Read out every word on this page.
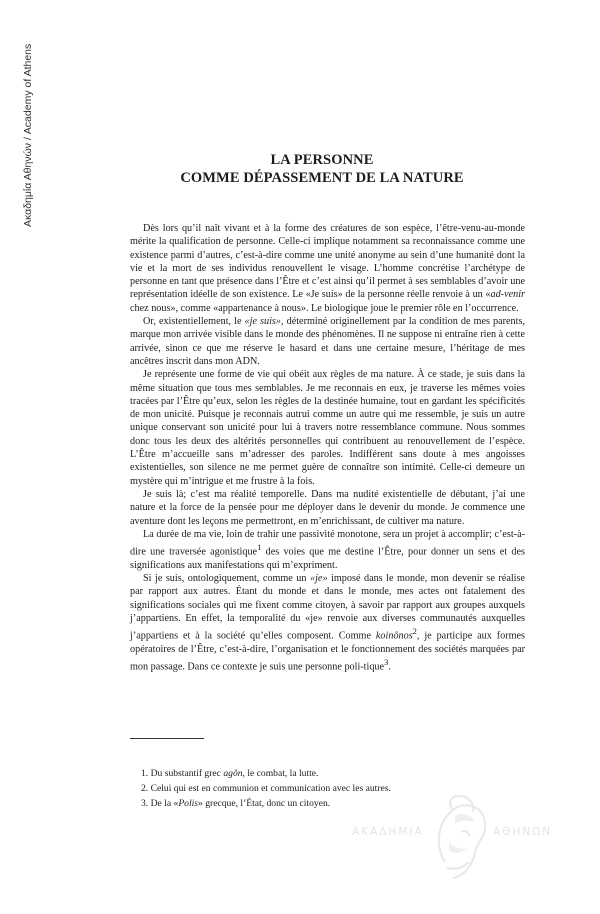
Ακαδημία Αθηνών / Academy of Athens	LA PERSONNE
COMME DÉPASSEMENT DE LA NATURE

Dès lors qu’il naît vivant et à la forme des créatures de son espèce, l’être-venu-au-monde mérite la qualification de personne. Celle-ci implique notamment sa reconnaissance comme une existence parmi d’autres, c’est-à-dire comme une unité anonyme au sein d’une humanité dont la vie et la mort de ses individus renouvellent le visage. L’homme concrétise l’archétype de personne en tant que présence dans l’Être et c’est ainsi qu’il permet à ses semblables d’avoir une représentation idéelle de son existence. Le «Je suis» de la personne réelle renvoie à un «ad-venir chez nous», comme «appartenance à nous». Le biologique joue le premier rôle en l’occurrence.

Or, existentiellement, le «je suis», déterminé originellement par la condition de mes parents, marque mon arrivée visible dans le monde des phénomènes. Il ne suppose ni entraîne rien à cette arrivée, sinon ce que me réserve le hasard et dans une certaine mesure, l’héritage de mes ancêtres inscrit dans mon ADN.

Je représente une forme de vie qui obéit aux règles de ma nature. À ce stade, je suis dans la même situation que tous mes semblables. Je me reconnais en eux, je traverse les mêmes voies tracées par l’Être qu’eux, selon les règles de la destinée humaine, tout en gardant les spécificités de mon unicité. Puisque je reconnais autrui comme un autre qui me ressemble, je suis un autre unique conservant son unicité pour lui à travers notre ressemblance commune. Nous sommes donc tous les deux des altérités personnelles qui contribuent au renouvellement de l’espèce. L’Être m’accueille sans m’adresser des paroles. Indifférent sans doute à mes angoisses existentielles, son silence ne me permet guère de connaître son intimité. Celle-ci demeure un mystère qui m’intrigue et me frustre à la fois.

Je suis là; c’est ma réalité temporelle. Dans ma nudité existentielle de débutant, j’ai une nature et la force de la pensée pour me déployer dans le devenir du monde. Je commence une aventure dont les leçons me permettront, en m’enrichissant, de cultiver ma nature.

La durée de ma vie, loin de trahir une passivité monotone, sera un projet à accomplir; c’est-à-dire une traversée agonistique$^1$ des voies que me destine l’Être, pour donner un sens et des significations aux manifestations qui m’expriment.

Si je suis, ontologiquement, comme un «je» imposé dans le monde, mon devenir se réalise par rapport aux autres. Étant du monde et dans le monde, mes actes ont fatalement des significations sociales qui me fixent comme citoyen, à savoir par rapport aux groupes auxquels j’appartiens. En effet, la temporalité du «je» renvoie aux diverses communautés auxquelles j’appartiens et à la société qu’elles composent. Comme koinônos$^2$, je participe aux formes opératoires de l’Être, c’est-à-dire, l’organisation et le fonctionnement des sociétés marquées par mon passage. Dans ce contexte je suis une personne poli-tique$^3$.

1. Du substantif grec agôn, le combat, la lutte.
2. Celui qui est en communion et communication avec les autres.
3. De la «Polis» grecque, l’État, donc un citoyen.
ΑΚΑΔΗΜΙΑ	ΑΘΗΝΩΝ
